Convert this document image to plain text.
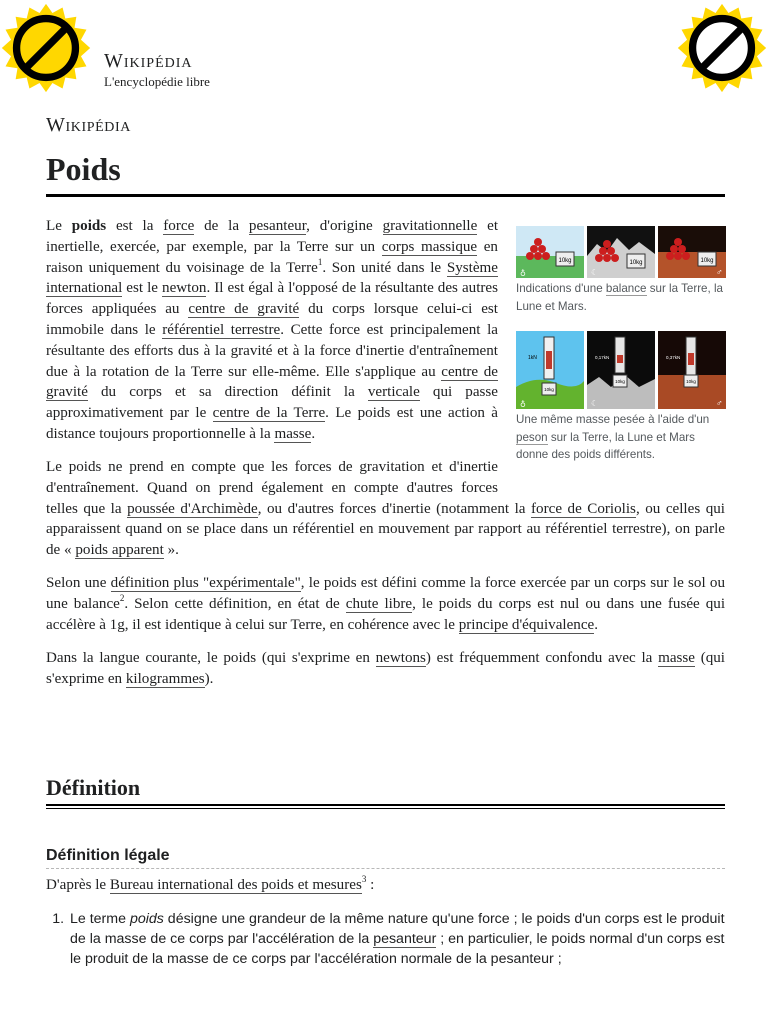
Wikipédia
L'encyclopédie libre
Wikipédia
Poids
10kg
♁
10kg
☾
10kg
♂
Indications d'une balance sur la Terre, la Lune et Mars.
10kg
1kN
♁
10kg
0,17kN
☾
10kg
0,37kN
♂
Une même masse pesée à l'aide d'un peson sur la Terre, la Lune et Mars donne des poids différents.

Le poids est la force de la pesanteur, d'origine gravitationnelle et inertielle, exercée, par exemple, par la Terre sur un corps massique en raison uniquement du voisinage de la Terre$^1$. Son unité dans le Système international est le newton. Il est égal à l'opposé de la résultante des autres forces appliquées au centre de gravité du corps lorsque celui-ci est immobile dans le référentiel terrestre. Cette force est principalement la résultante des efforts dus à la gravité et à la force d'inertie d'entraînement due à la rotation de la Terre sur elle-même. Elle s'applique au centre de gravité du corps et sa direction définit la verticale qui passe approximativement par le centre de la Terre. Le poids est une action à distance toujours proportionnelle à la masse.

Le poids ne prend en compte que les forces de gravitation et d'inertie d'entraînement. Quand on prend également en compte d'autres forces telles que la poussée d'Archimède, ou d'autres forces d'inertie (notamment la force de Coriolis, ou celles qui apparaissent quand on se place dans un référentiel en mouvement par rapport au référentiel terrestre), on parle de « poids apparent ».

Selon une définition plus "expérimentale", le poids est défini comme la force exercée par un corps sur le sol ou une balance$^2$. Selon cette définition, en état de chute libre, le poids du corps est nul ou dans une fusée qui accélère à 1g, il est identique à celui sur Terre, en cohérence avec le principe d'équivalence.

Dans la langue courante, le poids (qui s'exprime en newtons) est fréquemment confondu avec la masse (qui s'exprime en kilogrammes).

Définition
Définition légale

D'après le Bureau international des poids et mesures$^3$ :

1. Le terme poids désigne une grandeur de la même nature qu'une force ; le poids d'un corps est le produit de la masse de ce corps par l'accélération de la pesanteur ; en particulier, le poids normal d'un corps est le produit de la masse de ce corps par l'accélération normale de la pesanteur ;
